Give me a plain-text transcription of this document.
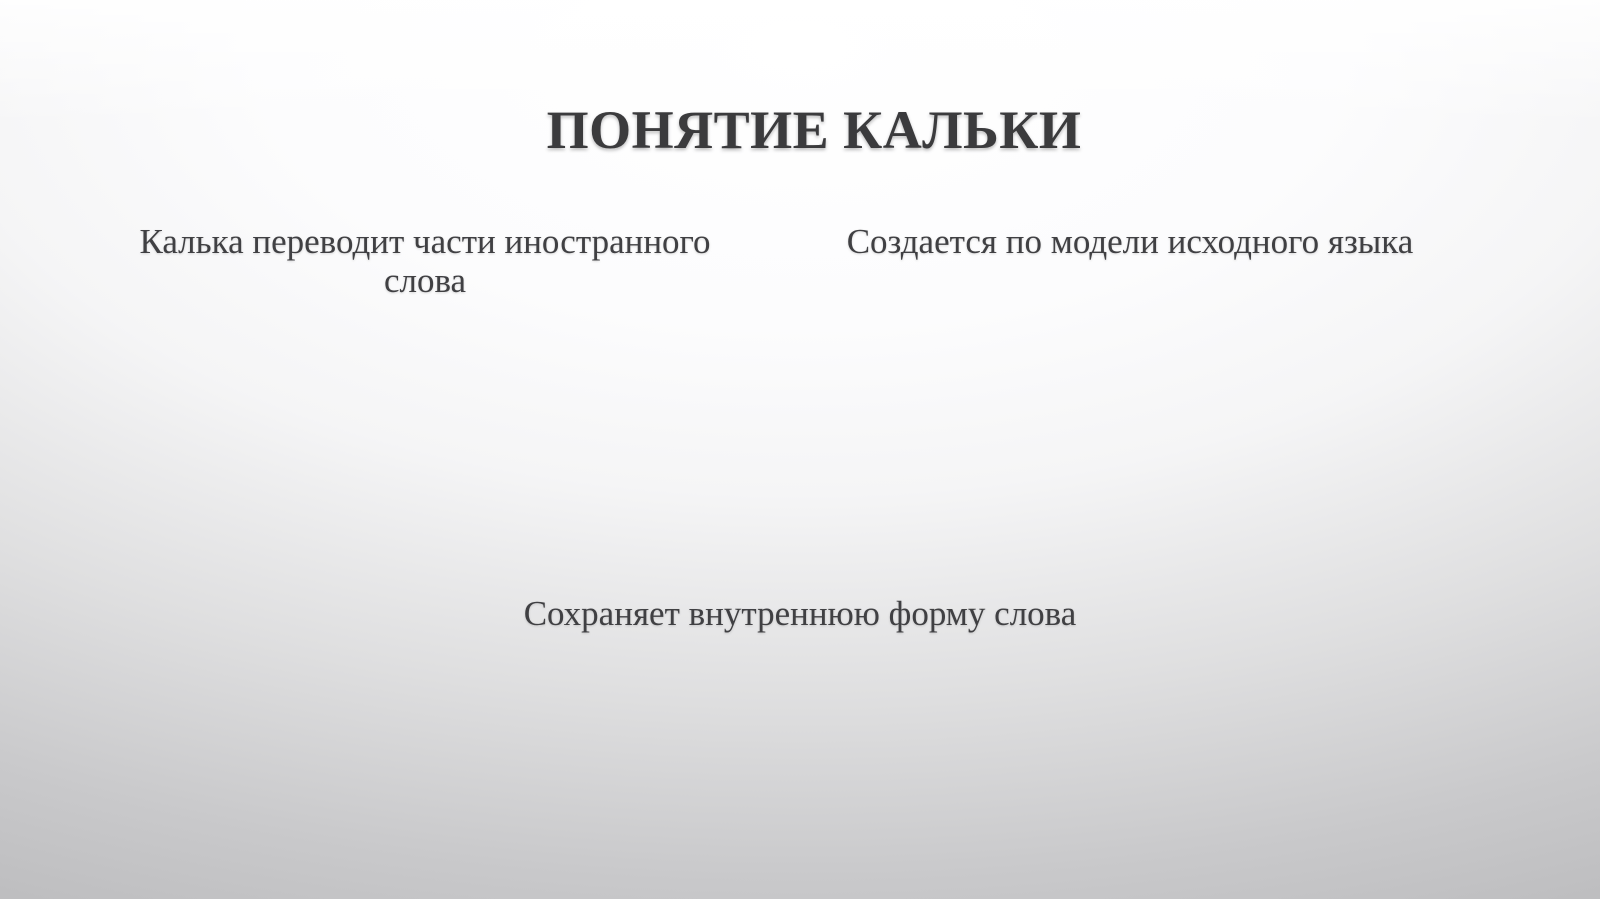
ПОНЯТИЕ КАЛЬКИ
Калька переводит части иностранного слова
Создается по модели исходного языка
Сохраняет внутреннюю форму слова
